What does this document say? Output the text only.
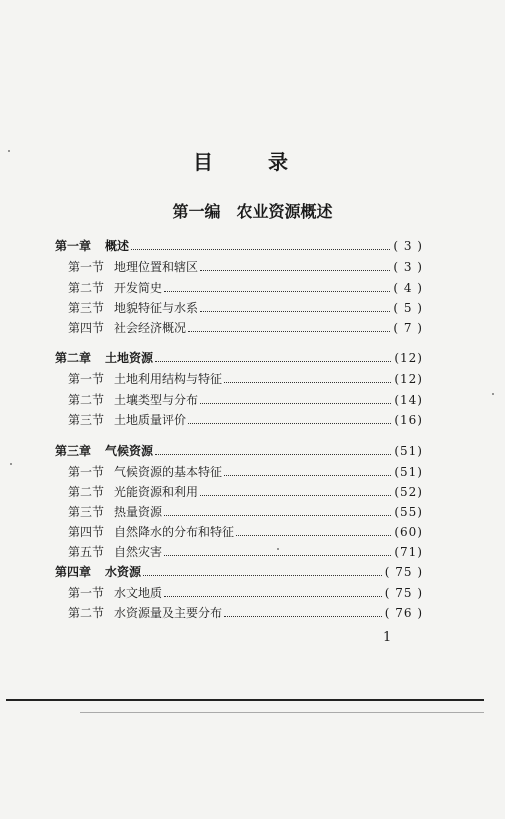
目 录
第一编　农业资源概述
第一章 概述	( 3 )
第一节 地理位置和辖区	( 3 )
第二节 开发简史	( 4 )
第三节 地貌特征与水系	( 5 )
第四节 社会经济概况	( 7 )
第二章 土地资源	(12)
第一节 土地利用结构与特征	(12)
第二节 土壤类型与分布	(14)
第三节 土地质量评价	(16)
第三章 气候资源	(51)
第一节 气候资源的基本特征	(51)
第二节 光能资源和利用	(52)
第三节 热量资源	(55)
第四节 自然降水的分布和特征	(60)
第五节 自然灾害	(71)
第四章 水资源	( 75 )
第一节 水文地质	( 75 )
第二节 水资源量及主要分布	( 76 )
1
